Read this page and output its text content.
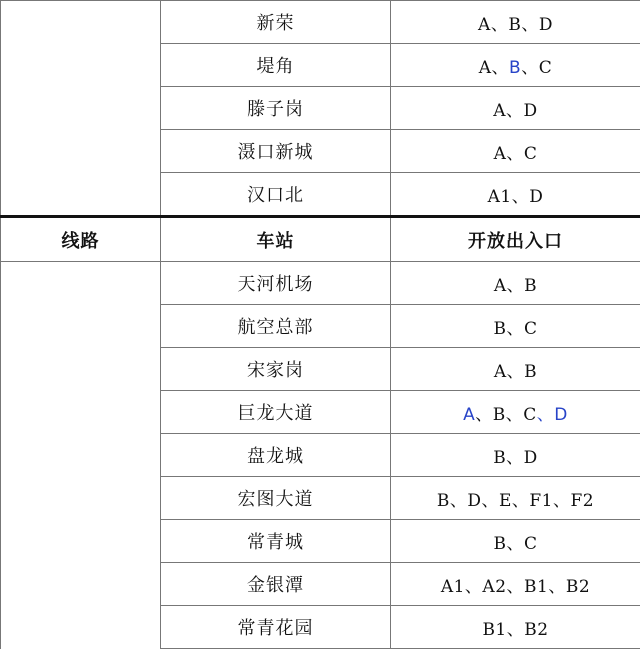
	新荣	A、B、D
	堤角	A、B、C
	滕子岗	A、D
	滠口新城	A、C
	汉口北	A1、D
线路	车站	开放出入口
	天河机场	A、B
	航空总部	B、C
	宋家岗	A、B
	巨龙大道	A、B、C、D
	盘龙城	B、D
	宏图大道	B、D、E、F1、F2
	常青城	B、C
	金银潭	A1、A2、B1、B2
	常青花园	B1、B2
